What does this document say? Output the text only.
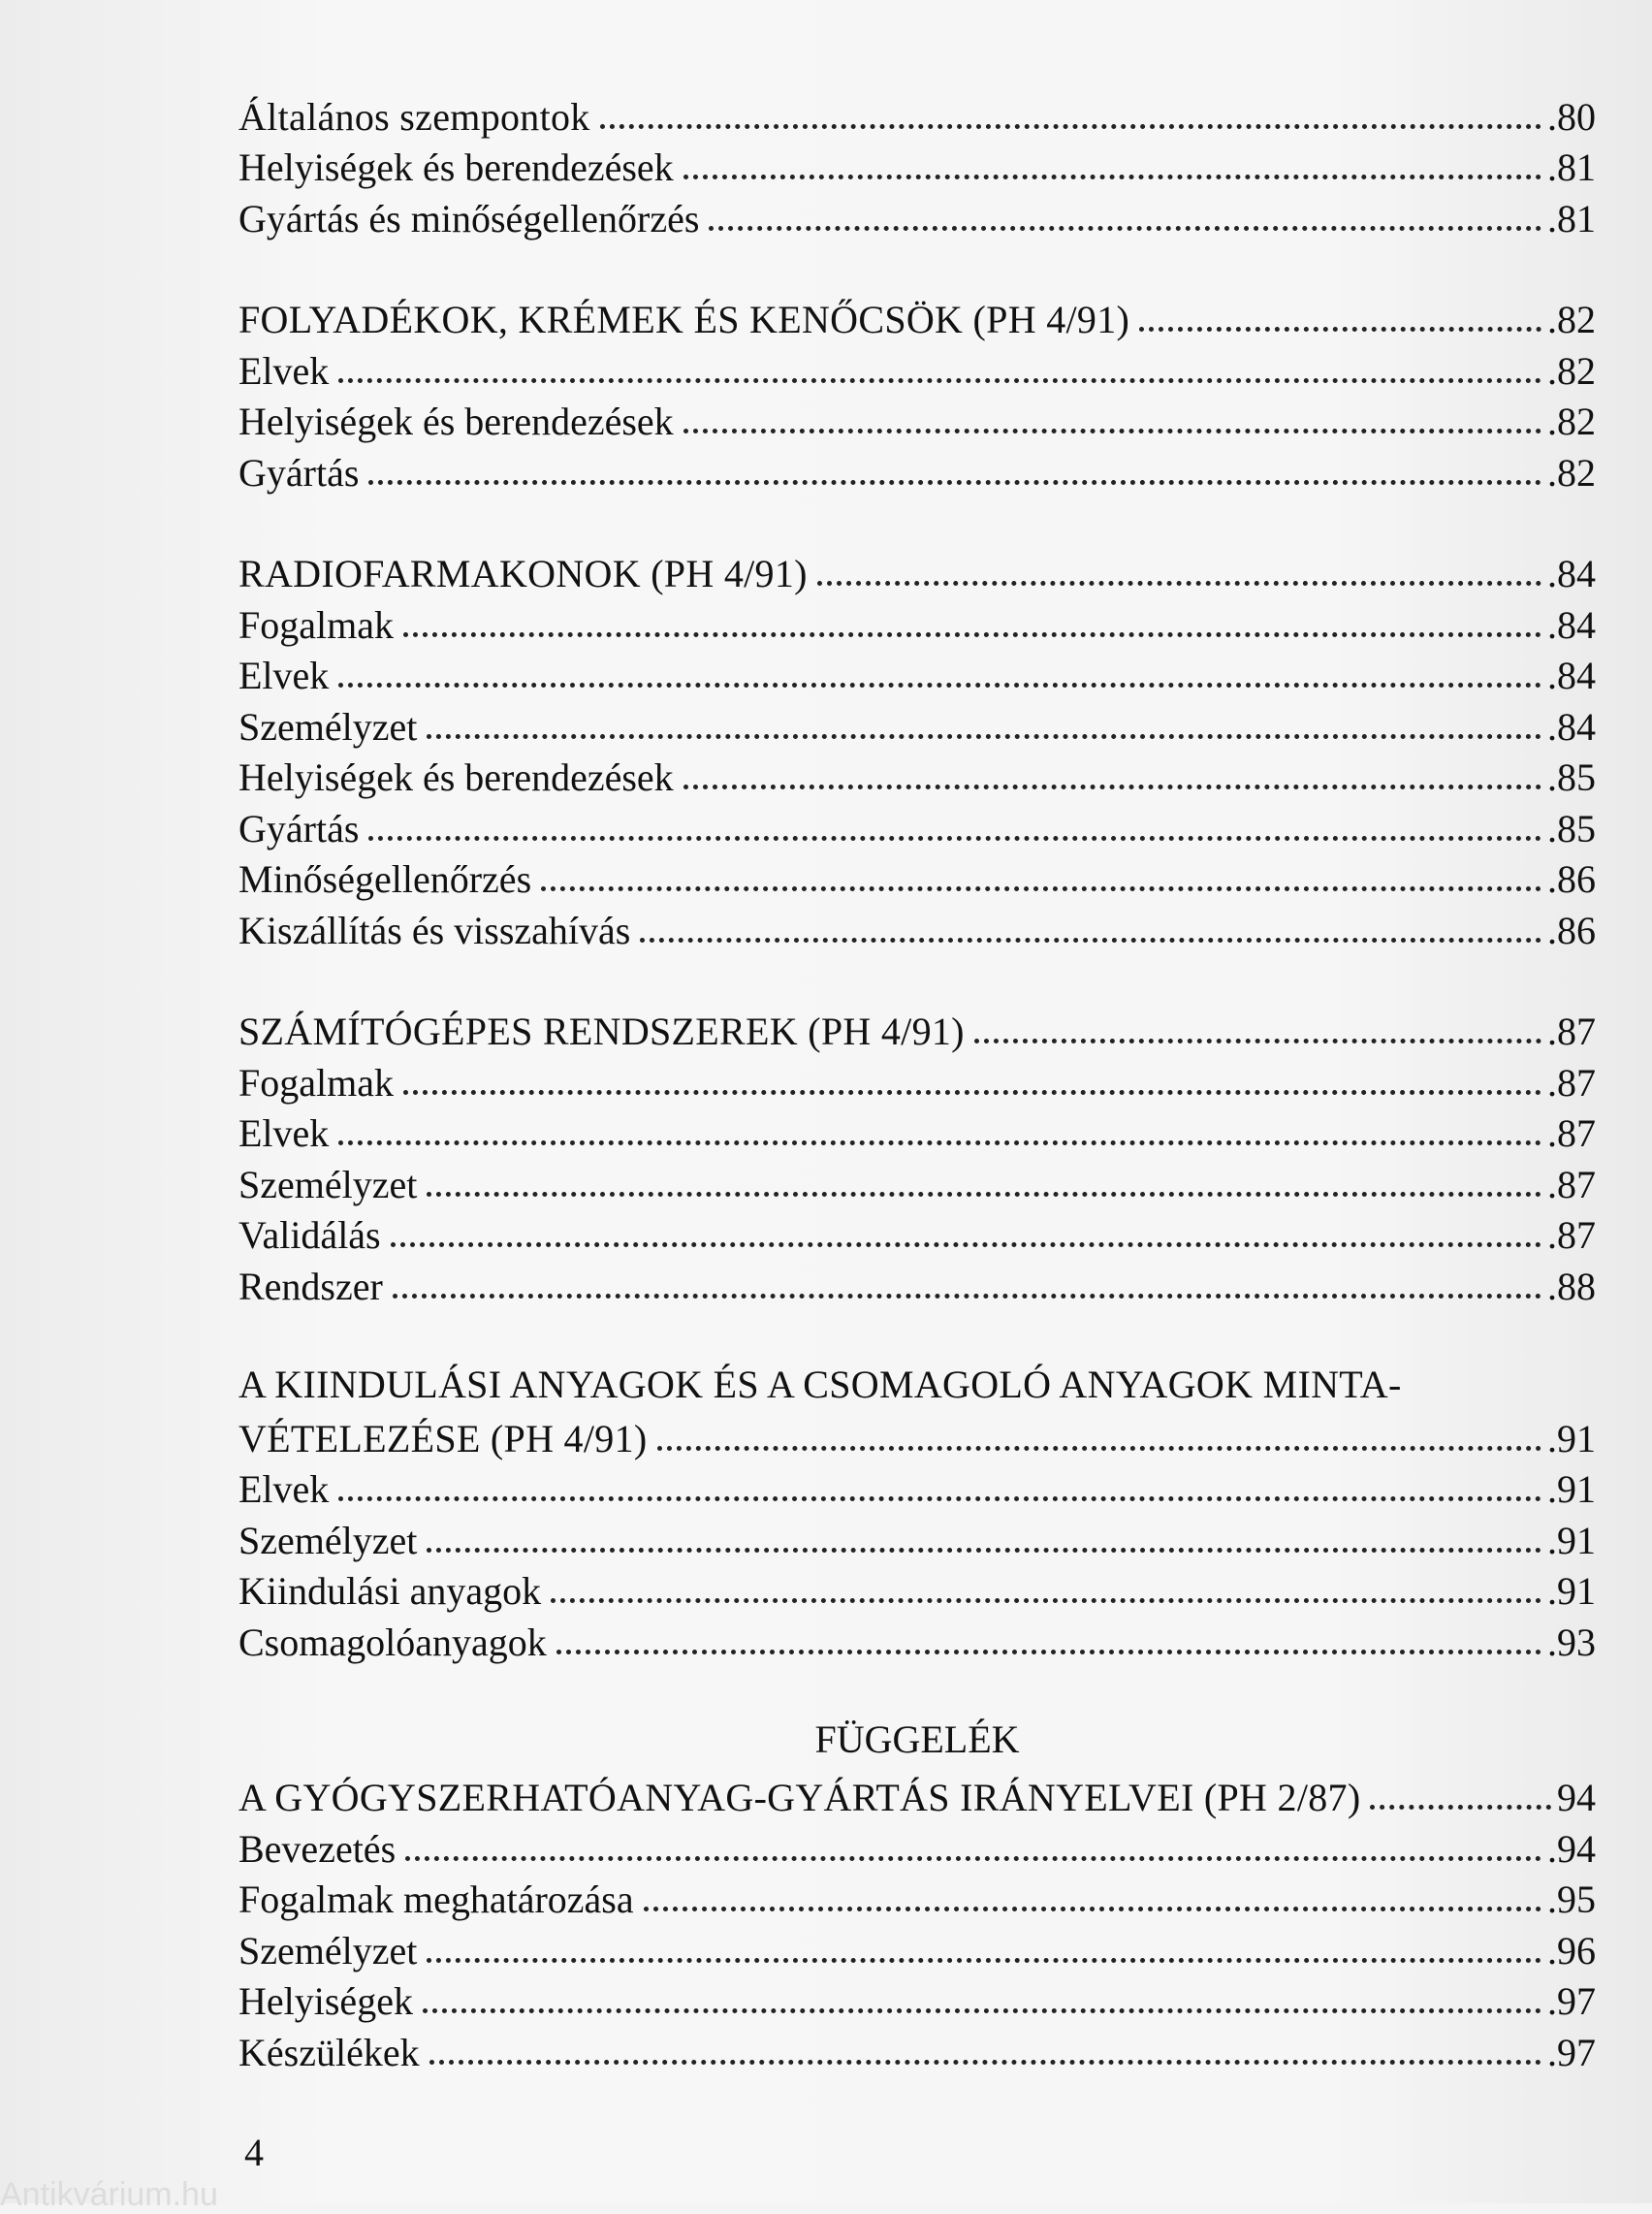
Általános szempontok	.80
Helyiségek és berendezések	.81
Gyártás és minőségellenőrzés	.81
FOLYADÉKOK, KRÉMEK ÉS KENŐCSÖK (PH 4/91)	.82
Elvek	.82
Helyiségek és berendezések	.82
Gyártás	.82
RADIOFARMAKONOK (PH 4/91)	.84
Fogalmak	.84
Elvek	.84
Személyzet	.84
Helyiségek és berendezések	.85
Gyártás	.85
Minőségellenőrzés	.86
Kiszállítás és visszahívás	.86
SZÁMÍTÓGÉPES RENDSZEREK (PH 4/91)	.87
Fogalmak	.87
Elvek	.87
Személyzet	.87
Validálás	.87
Rendszer	.88
A KIINDULÁSI ANYAGOK ÉS A CSOMAGOLÓ ANYAGOK MINTA-
VÉTELEZÉSE (PH 4/91)	.91
Elvek	.91
Személyzet	.91
Kiindulási anyagok	.91
Csomagolóanyagok	.93
FÜGGELÉK
A GYÓGYSZERHATÓANYAG-GYÁRTÁS IRÁNYELVEI (PH 2/87)	94
Bevezetés	.94
Fogalmak meghatározása	.95
Személyzet	.96
Helyiségek	.97
Készülékek	.97
4
Antikvárium.hu
